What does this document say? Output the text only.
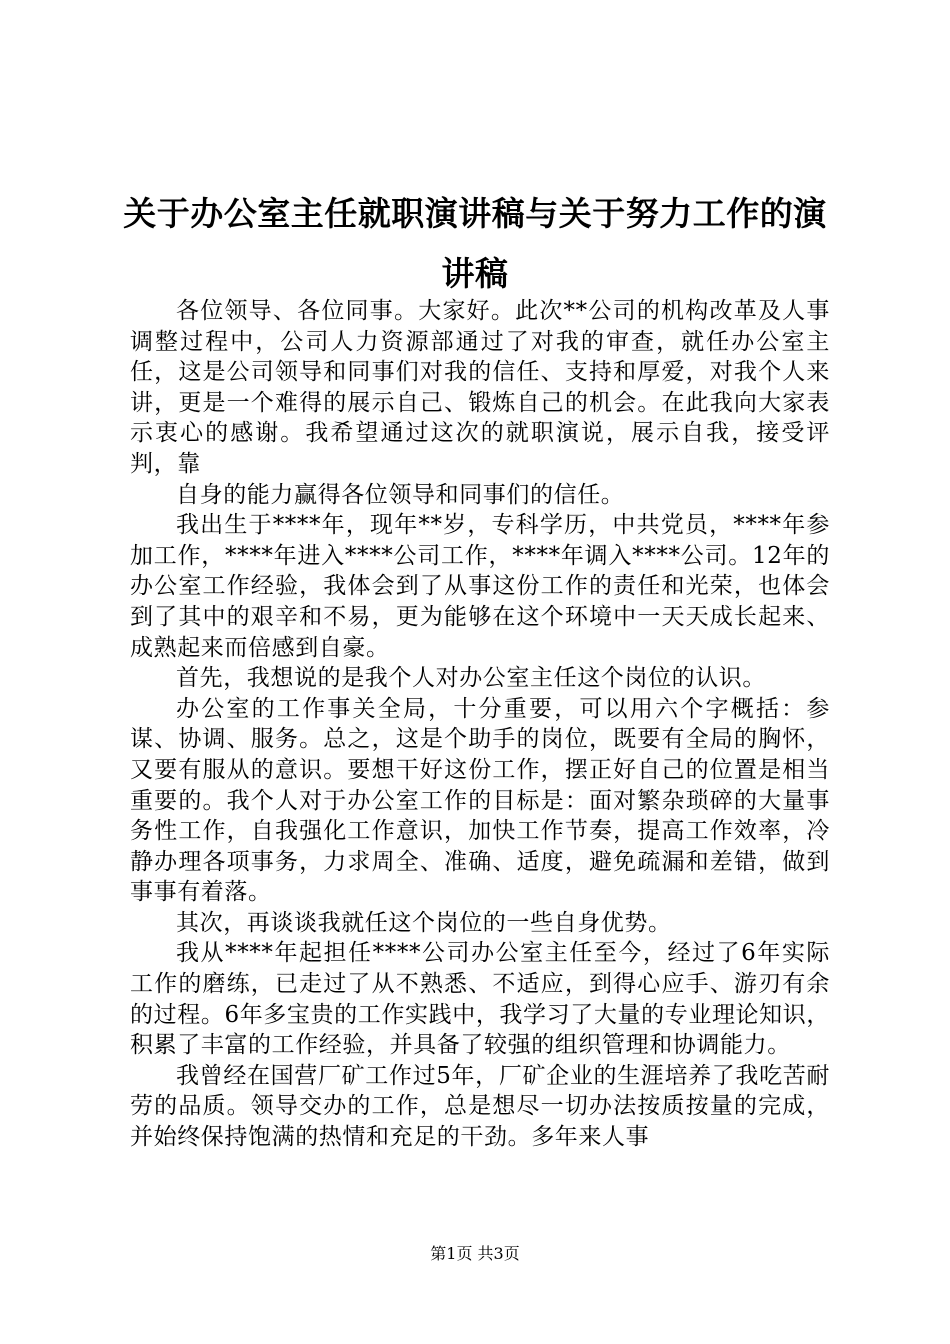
关于办公室主任就职演讲稿与关于努力工作的演讲稿

各位领导、各位同事。大家好。此次**公司的机构改革及人事调整过程中，公司人力资源部通过了对我的审查，就任办公室主任，这是公司领导和同事们对我的信任、支持和厚爱，对我个人来讲，更是一个难得的展示自己、锻炼自己的机会。在此我向大家表示衷心的感谢。我希望通过这次的就职演说，展示自我，接受评判，靠

自身的能力赢得各位领导和同事们的信任。

我出生于****年，现年**岁，专科学历，中共党员，****年参加工作，****年进入****公司工作，****年调入****公司。12年的办公室工作经验，我体会到了从事这份工作的责任和光荣，也体会到了其中的艰辛和不易，更为能够在这个环境中一天天成长起来、成熟起来而倍感到自豪。

首先，我想说的是我个人对办公室主任这个岗位的认识。

办公室的工作事关全局，十分重要，可以用六个字概括：参谋、协调、服务。总之，这是个助手的岗位，既要有全局的胸怀，又要有服从的意识。要想干好这份工作，摆正好自己的位置是相当重要的。我个人对于办公室工作的目标是：面对繁杂琐碎的大量事务性工作，自我强化工作意识，加快工作节奏，提高工作效率，冷静办理各项事务，力求周全、准确、适度，避免疏漏和差错，做到事事有着落。

其次，再谈谈我就任这个岗位的一些自身优势。

我从****年起担任****公司办公室主任至今，经过了6年实际工作的磨练，已走过了从不熟悉、不适应，到得心应手、游刃有余的过程。6年多宝贵的工作实践中，我学习了大量的专业理论知识，积累了丰富的工作经验，并具备了较强的组织管理和协调能力。

我曾经在国营厂矿工作过5年，厂矿企业的生涯培养了我吃苦耐劳的品质。领导交办的工作，总是想尽一切办法按质按量的完成，并始终保持饱满的热情和充足的干劲。多年来人事

第1页 共3页
